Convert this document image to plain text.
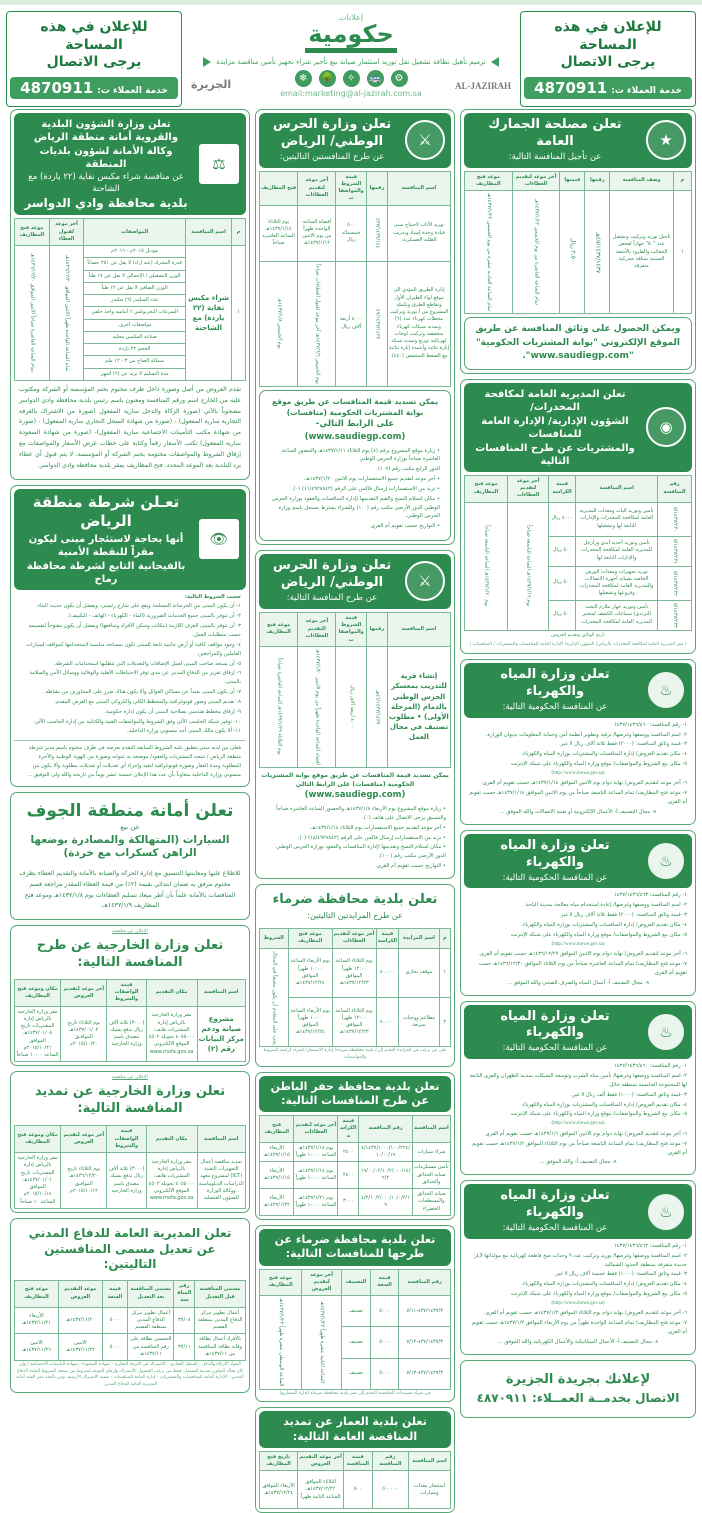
للإعلان في هذه المساحة
يرجى الاتصال
خدمة العملاء ت:
4870911
إعلانات
حكومية
ترميم تأهيل نظافة تشغيل نقل توريد استثمار صيانة بيع تأجير شراء تجهيز تأمين مناقصة مزايدة
⚙
🚌
✧
🌳
❄
email:marketing@al-jazirah.com.sa
AL-JAZIRAH
الجزيرة
للإعلان في هذه المساحة
يرجى الاتصال
خدمة العملاء ت:
4870911
★
تعلن مصلحة الجمارك العامة
عن تأجيل المنافسة التالية:
م	وصف المنافسة	رقمها	قيمتها	آخر موعد لتقديم العطاءات	موعد فتح المظاريف
١	تأجيل توريد وتركيب وتشغيل عدد "٥٠" جهازاً لفحص الحقائب والطرود بالأشعة السينية بمنافذ جمركية متفرقة	٤٥/١٤٣٧/١٤٣٧هـ	٢,٥٠٠ ريال	تمام الساعة العاشرة من يوم الخميس ١٤٣٧/١/٢٢هـ	تمام الساعة الحادية عشرة من يوم الخميس ١٤٣٧/١/٢٢هـ
ويمكن الحصول على وثائق المنافسة عن طريق
الموقع الإلكتروني "بوابة المشتريات الحكومية"
"www.saudiegp.com".
◉
تعلن المديرية العامة لمكافحة المخدرات/
الشؤون الإدارية/ الإدارة العامة للمنافسات
والمشتريات عن طرح المنافسات التالية
رقم المنافسة	اسم المنافسة	قيمة الكراسة	آخر موعد لتقديم العطاءات	موعد فتح المظاريف
٥/١٤٣٧/٢٣٠	تأمين وتوريد اليات ومعدات للمديرية العامة لمكافحة المخدرات والإدارات التابعة لها وتشغيلها	٤٠٠٠ ريال	يوم ١٤٣٧/١/١٩هـ الساعة التاسعة صباحاً	يوم ١٤٣٧/١/٢٠هـ الساعة التاسعة صباحاً
٥/١٤٣٧/٢٣١	تأمين وتوريد أحذية أيدي ورأرجل للمديرية العامة لمكافحة المخدرات والإدارات التابعة لها	٥٠٠ ريال		
٥/١٤٣٧/٢٣٢	توريد تجهيزات ومعدات الورش الخاصة بصيانة أجهزة الاتصالات وللمديرية العامة لمكافحة المخدرات وفروعها وتشغيلها	٥٠٠ ريال		
٥/١٤٣٧/٢٣٣	تأمين وتوريد جهاز ملازم البحث الترددي/ سماعات الكشف لمختبر المديرية العامة لمكافحة المخدرات	٥٠٠ ريال		
تاريخ الوثائق وتقديم العروض
( مقر المديرية العامة لمكافحة المخدرات بالرياض/ الشؤون الإدارية/ الإدارة العامة للمنافسات والمشتريات / المنافسات )
♨
تعلن وزارة المياه والكهرباء
عن المنافسة الحكومية التالية:
١- رقم المنافسة: ١٤٣٧/١٤٣٦/٤٦٠
٢- اسم المنافسة ووصفها وغرضها/ ترقية وتطوير أنظمة أمن وحماية المعلومات بديوان الوزارة.
٣- قيمة وثائق المنافسة: (٢٠٠٠) فقط ثلاثة آلاف ريال لا غير.
٤- مكان تقديم العروض/ إدارة المنافسات والمشتريات بوزارة المياه والكهرباء.
٥- مكان بيع الشروط والمواصفات/ موقع وزارة المياه والكهرباء على شبكة الإنترنت
(http://www.mowe.gov.sa)
٦- آخر موعد لتقديم العروض/ نهاية دوام يوم الاثنين الموافق ١٤٣٧/١/١٤هـ حسب تقويم أم القرى.
٧- موعد فتح المظاريف/ تمام الساعة التاسعة صباحاً من يوم الاثنين الموافق ١٤٣٧/١/١٤هـ حسب تقويم أم القرى.
٨- مجال التصنيف أ- الأعمال الإلكترونية أو تقنية الاتصالات والله الموفق ...
♨
تعلن وزارة المياه والكهرباء
عن المنافسة الحكومية التالية:
١- رقم المنافسة: ١٤٣٧/١٤٣٦/٤٦٣
٢- اسم المنافسة ووصفها وغرضها/ إعادة استخدام مياه معالجة بمدينة الباحة.
٣- قيمة وثائق المنافسة: (٢٠٠٠) فقط ثلاثة آلاف ريال لا غير.
٤- مكان تقديم العروض/ إدارة المنافسات والمشتريات بوزارة المياه والكهرباء.
٥- مكان بيع الشروط والمواصفات/ موقع وزارة المياه والكهرباء على شبكة الإنترنت
(http://www.mowe.gov.sa)
٦- آخر موعد لتقديم العروض/ نهاية دوام يوم الاثنين الموافق ١٤٣٦/١٢/٢٩هـ حسب تقويم أم القرى.
٧- موعد فتح المظاريف/ تمام الساعة العاشرة صباحاً من يوم الثلاثاء الموافق ١٤٣٦/١٢/٣٠هـ حسب تقويم أم القرى.
٨- مجال التصنيف أ- أعمال المياه والصرف الصحي والله الموفق ...
♨
تعلن وزارة المياه والكهرباء
عن المنافسة الحكومية التالية:
١- رقم المنافسة: ١٤٣٧/١٤٣٦/٤٦٠
٢- اسم المنافسة ووصفها وغرضها/ تأمين مياه الشرب وتوسعة الشبكات بمدينة الظهران والقرى التابعة لها للمجموعة الخامسة بمنطقة حائل.
٣- قيمة وثائق المنافسة: (١٠٠٠) فقط ألف ريال لا غير.
٤- مكان تقديم العروض/ إدارة المنافسات والمشتريات بوزارة المياه والكهرباء.
٥- مكان بيع الشروط والمواصفات/ موقع وزارة المياه والكهرباء على شبكة الإنترنت
(http://www.mowe.gov.sa)
٦- آخر موعد لتقديم العروض/ نهاية دوام يوم الاثنين الموافق ١٤٣٧/١/١هـ حسب تقويم أم القرى.
٧- موعد فتح المظاريف/ تمام الساعة التاسعة صباحاً من يوم الثلاثاء الموافق ١٤٣٧/١/٢هـ حسب تقويم أم القرى.
٨- مجال التصنيف أ- والله الموفق ...
♨
تعلن وزارة المياه والكهرباء
عن المنافسة الحكومية التالية:
١- رقم المنافسة: ١٤٣٧/١٤٣٦/٤٦٢
٢- اسم المنافسة ووصفها وغرضها/ توريد وتركيب عدد ٩ وحدات ضخ قاطعة كهربائية مع مولداتها لآبار جديدة متفرقة بمنطقة الحدود الشمالية.
٣- قيمة وثائق المنافسة: (١٠٠٠) فقط خمسة آلاف ريال لا غير.
٤- مكان تقديم العروض/ إدارة المنافسات والمشتريات بوزارة المياه والكهرباء.
٥- مكان بيع الشروط والمواصفات/ موقع وزارة المياه والكهرباء على شبكة الإنترنت
(http://www.mowe.gov.sa)
٦- آخر موعد لتقديم العروض/ نهاية دوام يوم الثلاثاء الموافق ١٤٣٧/١/٢هـ حسب تقويم أم القرى.
٧- موعد فتح المظاريف/ تمام الساعة الواحدة ظهراً من يوم الأربعاء الموافق ١٤٣٧/١/٣هـ حسب تقويم أم القرى.
٨- مجال التصنيف أ- الأعمال الميكانيكية والأعمال الكهربائية والله الموفق ...
لإعلانك بجريدة الجزيرة
الاتصال بخدمــة العمــلاء: ٤٨٧٠٩١١
⚔
تعلن وزارة الحرس الوطني/ الرياض
عن طرح المنافستين التاليتين:
اسم المنافسة	رقمها	قيمة الشروط والمواصفات	آخر موعد لتقديم العطاءات	فتح المظاريف
توريد الأثاث لاحتياج مبنى قيادة وحدة إسناد وتدريب الطلبة العسكرية.	٤٣٧/١٤٣٧/١٤٤	٥٠٠ خمسمائة ريال	أقصاه الساعة الواحدة ظهراً من يوم الاثنين ١٤٣٧/١/١٢هـ	يوم الثلاثاء ١٤٣٧/١/١٤هـ الساعة العاشرة صباحاً
إنارة الطريق المؤدي الى موقع لواء الطيران الأول وتقاطع الطرق وتكملة المشروع من أ توريد وتركيب محطات كهرباء عدد (٦) وتمديد شبكات كهرباء منخفضة وتركيب لوحات كهربائية توزيع وتمديد شبكة إنارة ثنائية وأعمدة إنارة ثنائية مع الضغط المنخفض (٤٤٠).	٤٩/١٤٣٧/١٤٣٧	٤٠٠٠ أربعة آلاف ريال	يوم الخميس ١٤٣٧/٦/٦هـ آخر موعد لقبول العطاءات صباحاً	يوم الخميس ١٤٣٧/١/٨هـ
يمكن تسديد قيمة المنافسات عن طريق موقع بوابة المشتريات الحكومية (منافسات)
على الرابط التالي- (www.saudiegp.com)
• زيارة موقع المشروع برقم (٤) يوم الثلاثاء ١٤٣٧/١/١١هـ والحضور الساعة العاشرة صباحاً بوزارة الحرس الوطني
الدور الرابع مكتب رقم (١٠٧).
• آخر موعد لتقديم جميع الاستفسارات يوم الاثنين ١٤٣٧/١/٢٠هـ.
• نزيد من الاستفسارات إرسال فاكس على الرقم (١١/٤٩٢٨٨٤٢) (٠).
• مكان استلام النسخ والقيم التقديمها (إدارة المنافسات والعقود بوزارة الحرس الوطني الدور الأرضي مكتب رقم (١٠٠) وللشراء يشترط مسجل باسم وزارة الحرس الوطني.
• التواريخ حسب تقويم أم القرى.
⚔
تعلن وزارة الحرس الوطني/ الرياض
عن طرح المنافسة التالية:
اسم المنافسة	رقمها	قيمة الشروط والمواصفات	آخر موعد التقديم العطاءات	موعد فتح المظاريف
إنشاء قرية للتدريب بمعسكر الحرس الوطني بالدمام (المرحلة الأولى) • مطلوب تصنيف في مجال العمل	٤٦/١٤٣٧/١٤٣٧هـ	٤٠٠٠ أربعة آلاف ريال	أقصاه الساعة الواحدة ظهراً من يوم الاثنين ١٤٣٧/١/٢٠هـ	يوم الثلاثاء ١٤٣٧/١/٢٩هـ الساعة العاشرة صباحاً
يمكن تسديد قيمة المنافسات عن طريق موقع بوابة المشتريات الحكومية (منافسات) على الرابط التالي
(www.saudiegp.com)
• زيارة موقع المشروع يوم الأربعاء ١٤٣٧/١/٨هـ والحضور الساعة العاشرة صباحاً والتنسيق يرجى الاتصال على هاتف (٠).
• آخر موعد لتقديم جميع الاستفسارات يوم الثلاثاء ١٤٣٧/١/١٤هـ.
• نزيد من الاستفسارات إرسال فاكس على الرقم (١٤/٤٩٢٨٨٤٢) (٠).
• مكان استلام النسخ وتقديمها (إدارة المنافسات والعقود بوزارة الحرس الوطني الدور الأرضي مكتب رقم (١٠٠).
• التواريخ حسب تقويم أم القرى.
تعلن بلدية محافظة ضرماء
عن طرح المزايدتين التاليتين:
م	اسم المزايدة	قيمة الكراسة	آخر موعد لتقديم العطاءات	موعد فتح المظاريف	الشروط
١	موقف تجاري	٤٠,٠٠٠	يوم الثلاثاء الساعة ١٢:٠٠ ظهراً الموافق ١٤٣٧/١٢/٢٣هـ	يوم الأربعاء الساعة ١٠:٠٠ ظهراً الموافق ١٤٣٧/١٢/٢٤هـ	يجب على المتقدم أن يكون مصنفاً في المجال
٢	مطاعم ووجبات سريعة	٤٠,٠٠٠	يوم الثلاثاء الساعة ١٢:٠٠ ظهراً الموافق ١٤٣٧/١٢/٢٣هـ	يوم الأربعاء الساعة ١٠:٠٠ ظهراً الموافق ١٤٣٧/١٢/٢٤هـ	
على من يرغب في المزايدة التقدم إلى/ بلدية محافظة ضرماء/ إدارة الاستثمار/ لشراء كراسة الشروط والمواصفات
تعلن بلدية محافظة حفر الباطن عن طرح المنافسات التالية:
اسم المنافسة	رقم المنافسة	قيمة الكراسة	آخر موعد لتقديم العطاءات	فتح المظاريف
شراء سيارات	٤/١٤٣٧/١٠٠٠/١٠٠/٢٢٤/١٠/٠٠/١٩	٢٤٠٠	يوم ١٤٣٧/١/١٤هـ الساعة ١٠:٠٠ ظهراً	الأربعاء ١٤٣٧/١/١٥هـ
تأمين مستلزمات صيانة الحدائق والحدائق	١٩/٠٠/٠٢/١٠/٢/٠٠٠/١٤/٢/٢	٢٤٠٠	يوم ١٤٣٧/١/١٤هـ الساعة ١٠:٠٠ ظهراً	الأربعاء ١٤٣٧/١/١٥هـ
صيانة الحدائق والمسطحات الخضراء	٤/٢/١٠/٢/٠٠٠/١٠/٠/٢/١٩	٣٠٠٠	يوم ١٤٣٧/١/٢١هـ الساعة ١٠:٠٠ ظهراً	الأربعاء ١٤٣٧/١/٢٢هـ
تعلن بلدية محافظة ضرماء عن طرحها للمنافسات التالية:
رقم المنافسة	قيمة السعة	التصنيف	آخر موعد لتقديم العروض	موعد فتح المظاريف
٤٣٧/١٤٣٧/٣-٧/١١	٥٠٠٠	تصنيف	الساعة الثانية عشرة ظهراً ١٤٣٧/١/٢٢هـ	الساعة الوسطى عشرة ظهراً ١٤٣٧/١/٢٣هـ
٤٣٧/١٤٣٧/٣-٧/١٢	٥٠٠٠	تصنيف		
٤٣٧/١٤٣٧/٣-٧/١٣	٥٠٠٠	تصنيف		
في شراء مستندات المنافسة التقدم إلى مقر بلدية محافظة ضرماء (إدارة المشاريع)
تعلن بلدية العمار عن تمديد المناقصة العامة التالية:
اسم المنافسة	رقم المنافسة	قيمة المنافسة	آخر موعد التقديم العروض	تاريخ فتح المظاريف
استئجار معدات وسيارات	٥٠٠٠٠٠	٥٠٠	الثلاثاء الموافق ١٤٣٧/١٢/٢٢هـ الساعة الثانية ظهراً	الأربعاء الموافق ١٤٣٧/١٢/٢٤هـ
⚖
تعلن وزارة الشؤون البلدية والقروية أمانة منطقة الرياض
وكالة الأمانة لشؤون بلديات المنطقة
عن منافسة شراء مكبس نفاية (٢٢ ياردة) مع الشاحنة
بلدية محافظة وادي الدواسر
م	اسم المنافسة	المواصفات	آخر موعد لقبول العطاء	موعد فتح المظاريف
١	شراء مكبس نفاية (٢٢ ياردة) مع الشاحنة	موديل ٢٠١٥م - ٢٠١٦م	تمام الساعة الواحدة ظهراً الاثنين الموافق ١٤٣٦/١٢/٢٠هـ	تمام الساعة العاشرة صباحاً الاثنين الموافق ١٤٣٦/١٢/٢٠هـ
		قدرة المحرك (عند ل/د) لا يقل عن ٢٥١ حصاناً		
		الوزن التشغيلي / الإجمالي لا يقل عن ١٧ طناً		
		الوزن الصافي لا يقل عن ١٢ طناً		
		عدد السلندر (٦) سلندر		
		السرعات التجربوكس ٦ أمامية واحد خلفي		
		مواصفات أخرى.		
		صناعة المكبس محلية		
		الحجم ٢٢ ياردة		
		سماكة الصاج من ٣ - ١٢ ملم		
		مدة التسليم لا تزيد عن (٦) أشهر		
تقدم العروض من أصل وصورة داخل ظرف مختوم بختم المؤسسة أو الشركة ومكتوب عليه من الخارج اسم ورقم المنافسة ومعنون باسم رئيس بلدية محافظة وادي الدواسر مصحوباً بالآتي (صورة الزكاة والدخل سارية المفعول (صورة من الاشتراك بالغرفة التجارية سارية المفعول) - (صورة من شهادة السجل التجاري سارية المفعول) - (صورة من شهادة مكتب التأمينات الاجتماعية سارية المفعول)- (صورة من شهادة السعودة سارية المفعول) تكتب الأسعار رقماً وكتابة على خطاب عرض الأسعار والمواصفات مع إرفاق الشروط والمواصفات مختومة بختم الشركة أو المؤسسة. لا يتم قبول أي عطاء يرد للبلدية بعد الموعد المحدد. فتح المظاريف بمقر بلدية محافظة وادي الدواسر.
👁
تعـلن شرطة منطقة الرياض
أنها بحاجة لاستئجار مبنى ليكون مقراً للنقطة الأمنية
بالفيحانية التابع لشرطة محافظة رماح
حسب الشروط التالية:
١- أن يكون المبنى من الخرسانة المسلحة ويقع على شارع رئيسي، ويفضل أن يكون حديث البناء.
٢- أن تتوفر بالمبنى جميع الخدمات الضرورية (الماء - الكهرباء - الهاتف - التكييف).
٣- أن تتوفر بالمبنى الغرف اللازمة (مكاتب وسكن الأفراد ومنافعها) ويفضل أن يكون مفتوحاً لتقسيمه حسب متطلبات العمل.
٤- وجود مواقف كافية أو أرض جانبية تابعة للمبنى تكون بمساحة مناسبة لاستخدامها كمواقف لسيارات العاملين والمراجعين.
٥- أن يستعد صاحب المبنى لعمل الإضافات والتعديلات التي تتطلبها استخدامات الشرطة.
٦- إرفاق تقرير من الدفاع المدني عن مدى توفر الاحتياطات الأهلية والوقائية ووسائل الأمن والسلامة بالمبنى.
٧- أن يكون المبنى بعيداً عن مساكن العوائل وألا يكون هناك ضرر على المجاورين من نشاطه.
٨- تقديم المبنى وصور فوتوغرافية والمخطط الكلي والكروكي المبنى مع العرض المقدم.
٩- إرفاق مخطط هندسي بصلاحية المبنى أن يكون إدارة حكومية.
١٠- توفير شبكة الحاسب الآلي وفق الشروط والمواصفات الفنية والكتابية من إدارة الحاسب الآلي.
١١- ألا يكون مالك المبنى أحد منسوبي وزارة الداخلية.
فعلى من لديه مبنى تنطبق عليه الشروط السابقة التقدم بعرضه في ظرف مختوم باسم مدير شرطة منطقة الرياض / شعبة المشتريات والعقود/ موضحة به عنوانه وصورة من الهوية الوطنية والأجرة المطلوبة ومدة العقار وصورة فوتوغرافية لتعيد وإجراء أي تعديلات أو تعديلات مطلوبة وألا يكون من منسوبي وزارة الداخلية متعاوناً بأن عدد هذا الإعلان خمسة عشر يوماً من تاريخه والله ولي التوفيق ...
تعلن أمانة منطقة الجوف
عن بيع
السيارات (المتهالكة والمصادرة بوضعها الراهن كسكراب مع خردة)
للاطلاع عليها ومعاينتها التنسيق مع إدارة الحركة والصيانة بالأمانة والتقديم العطاء بظرف مختوم مرفق به ضمان ابتدائي بقيمة (٢٪) من قيمة العطاء المقدر مراجعة قسم المناقصات بالأمانة علماً بأن أطر ميعاد تسليم العطاءات يوم ١٤٣٧/١/٨هـ وموعد فتح المظاريف ١٤٣٧/١/٩هـ.
الإعلان عن منافسة
تعلن وزارة الخارجية عن طرح المنافسة التالية:
اسم المنافسة	مكان التقديم	قيمة الواصفات والشروط	آخر موعد لتقديم العروض	مكان وموعد فتح المظاريف
مشروع صيانة ودعم مركز البيانات رقم (٢)	مقر وزارة الخارجية بالرياض إدارة المشتريات هاتف: ٤٠٥٥٠٠٠ تحويلة ٤٥٠٢ الموقع الالكتروني www.mofa.gov.sa	(٣٠٠٠) ثلاثة آلاف ريال تدفع بشيك مصدق باسم وزارة الخارجية	يوم الثلاثاء تاريخ ١٤٣٧/٠١/٠٢هـ الموافـق ٢٠١٥/١٠/٢٠م	مقر وزارة الخارجية بالرياض إدارة المشتريات تاريخ ١٤٣٧/٠١/٠٨هـ الموافق ٢٠١٥/١٠/٢١م الساعة ١٠:٠٠ صباحاً
الإعلان عن منافسة
تعلن وزارة الخارجية عن تمديد المنافسة التالية:
اسم المنافسة	مكان التقديم	قيمة الواصفات والشروط	آخر موعد لتقديم العروض	مكان وموعد فتح المظاريف
تمديد مناقصة أعمال التجهيزات التقنية (ICT) لمشروع معهد الدراسات الدبلوماسية ووكالة الوزارة للشؤون القنصلية	مقر وزارة الخارجية بالرياض إدارة المشتريات هاتف: ٤٠٥٥٠٠٠ تحويلة ٤٥٠٢ الموقع الالكتروني www.mofa.gov.sa	(٣٠٠٠) ثلاثة آلاف ريال تدفع بشيك مصدق باسم وزارة الخارجية	يوم الثلاثاء تاريخ ١٤٣٦/١٢/٢٠هـ الموافـق ٢٠١٥/١٠/١٢م	مقر وزارة الخارجية بالرياض إدارة المشتريات تاريخ ١٤٣٧/٠١/٠١هـ الموافق ٢٠١٥/١٠/١٤م الساعة ١٠ صباحاً
تعلن المديرية العامة للدفاع المدني عن تعديل مسمى المنافستين التاليتين:
مسمى المنافسة قبل التعديل	رقم المنافسة	مسمى المنافسة بعد التعديل	قيمة السعة	موعد التقديم العروض	موعد فتح المظاريف
أعمال تطوير مركز الدفاع المدني بمنطقة القصيم	٣٧/٠٨	أعمال تطوير مركز الدفاع المدني بمنطقة القصيم	٥٠٠٠	١٤٣٧/١١/٢٠هـ	الأربعاء ١٤٣٧/١١/٢١هـ
بالأفراد أعمال نظافة وقاية نظافة المنافسة من ١٤٣٧/١١هـ	٣٧/١١	التحسين نظافة على رقم المنافسة من ١٤٣٧/١١هـ	٥٠٠٠	الاثنين ١٤٣٧/١١/٢٢هـ	الاثنين ١٤٣٧/١١/٢٦هـ
المواد (الزكاة والدخل - السجل التجاري - الاشتراك في الغرفة التجارية - شهادة السعودة - شهادة التأمينات الاجتماعية / وإن كان هناك التعاون بمدينة المفصل. فقط من يرغب الحصول بالاشتراك وإرفاق الموعد لشروط من نسخة الشروط العامة الدفاع المدني - الإدارة العامة للمنافسات والمشتريات - إدارة العامة للمنافسات - شعبة الاشتراك الأرضية. ومن بالعقد مقر العقد أمانة المديرية العامة للدفاع المدني.
